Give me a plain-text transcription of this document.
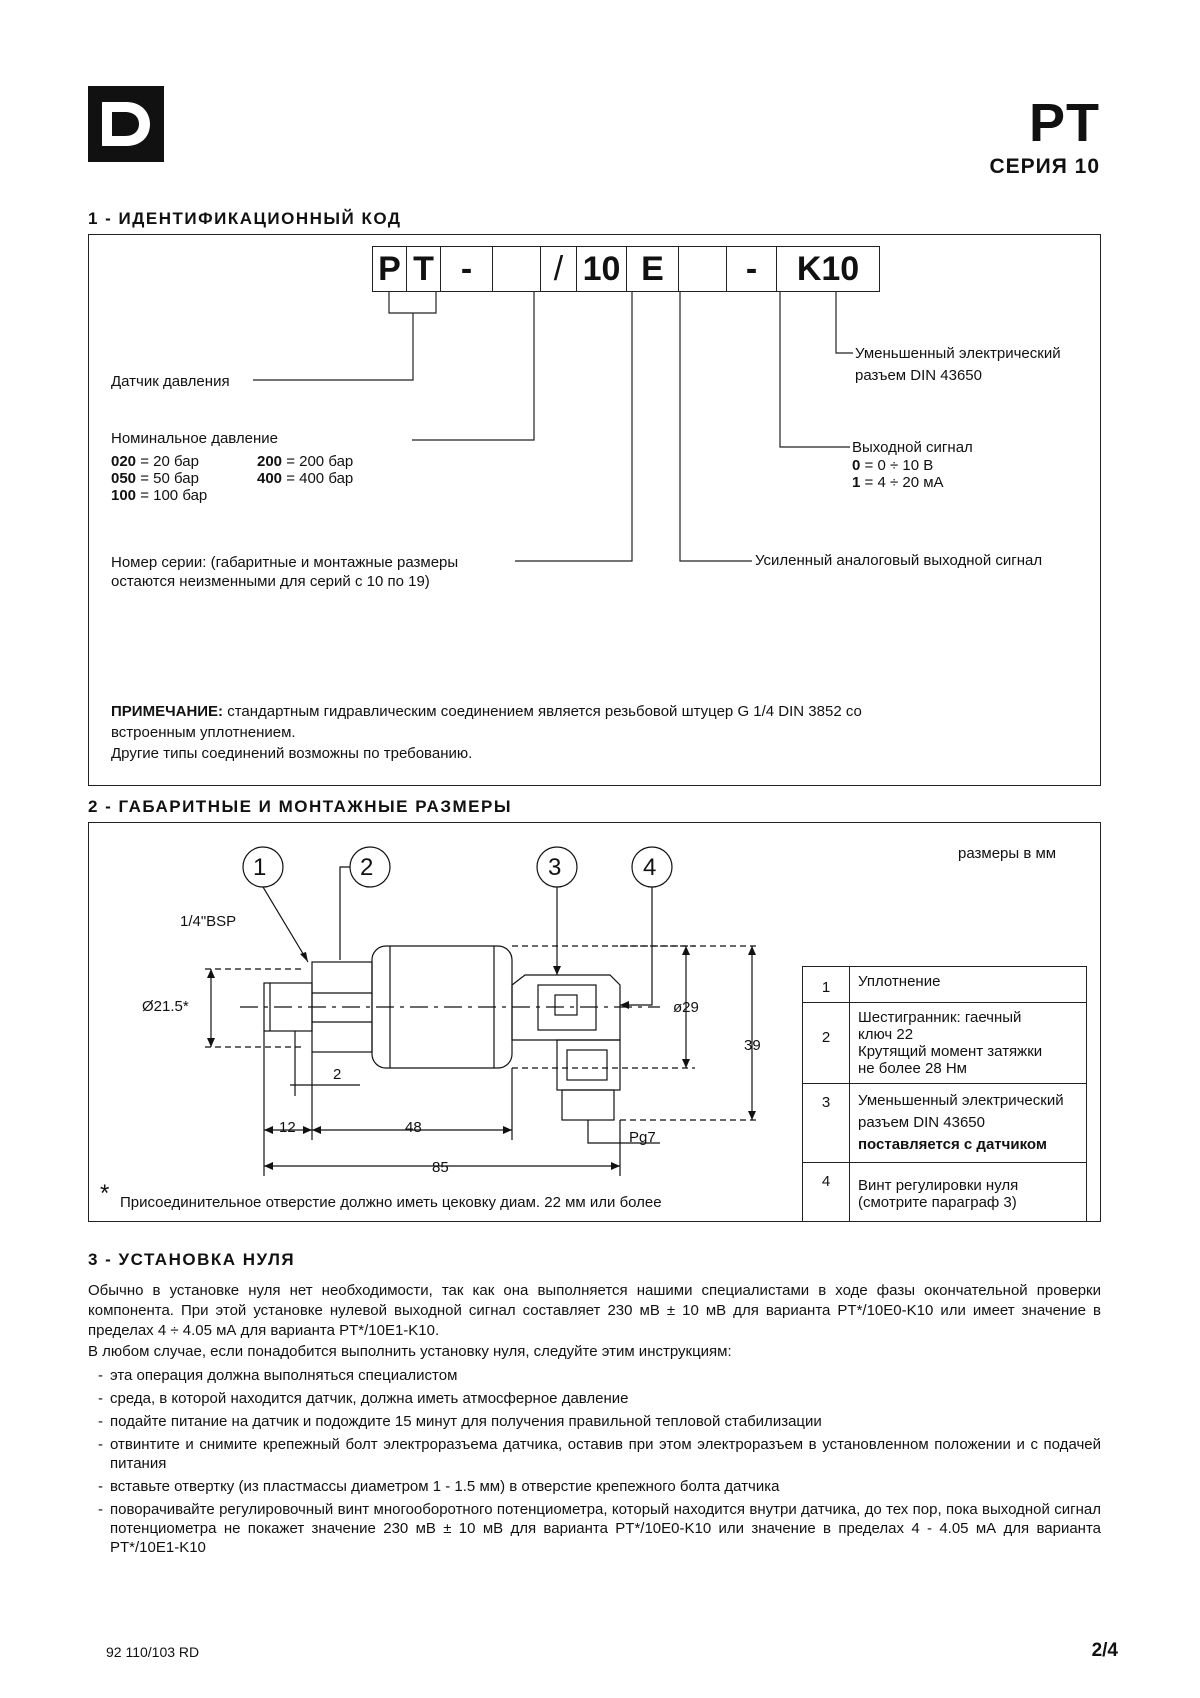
PT
СЕРИЯ 10
1 - ИДЕНТИФИКАЦИОННЫЙ КОД
P T -	/ 10 E	-	K10
Датчик давления
Номинальное давление
020 = 20 бар
050 = 50 бар
100 = 100 бар
200 = 200 бар
400 = 400 бар
Номер серии: (габаритные и монтажные размеры
остаются неизменными для серий с 10 по 19)
Уменьшенный электрический
разъем DIN 43650
Выходной сигнал
0 = 0 ÷ 10 В
1 = 4 ÷ 20 мА
Усиленный аналоговый выходной сигнал
ПРИМЕЧАНИЕ: стандартным гидравлическим соединением является резьбовой штуцер G 1/4 DIN 3852 со
встроенным уплотнением.
Другие типы соединений возможны по требованию.
2 - ГАБАРИТНЫЕ И МОНТАЖНЫЕ РАЗМЕРЫ
размеры в мм
1	2	3	4
1/4"BSP
Ø21.5*
2
12	48
85
ø29
39
Pg7
* Присоединительное отверстие должно иметь цековку диам. 22 мм или более
1	Уплотнение
2	Шестигранник: гаечный
ключ 22
Крутящий момент затяжки
не более 28 Нм

3	Уменьшенный электрический
разъем DIN 43650
поставляется с датчиком

4	Винт регулировки нуля
(смотрите параграф 3)
3 - УСТАНОВКА НУЛЯ
Обычно в установке нуля нет необходимости, так как она выполняется нашими специалистами в ходе фазы окончательной проверки компонента. При этой установке нулевой выходной сигнал составляет 230 мВ ± 10 мВ для варианта PT*/10E0-K10 или имеет значение в пределах 4 ÷ 4.05 мА для варианта PT*/10E1-K10.
В любом случае, если понадобится выполнить установку нуля, следуйте этим инструкциям:
- эта операция должна выполняться специалистом
- среда, в которой находится датчик, должна иметь атмосферное давление
- подайте питание на датчик и подождите 15 минут для получения правильной тепловой стабилизации
- отвинтите и снимите крепежный болт электроразъема датчика, оставив при этом электроразъем в установленном положении и с подачей питания
- вставьте отвертку (из пластмассы диаметром 1 - 1.5 мм) в отверстие крепежного болта датчика
- поворачивайте регулировочный винт многооборотного потенциометра, который находится внутри датчика, до тех пор, пока выходной сигнал потенциометра не покажет значение 230 мВ ± 10 мВ для варианта PT*/10E0-K10 или значение в пределах 4 - 4.05 мА для варианта PT*/10E1-K10
92 110/103 RD	2/4
